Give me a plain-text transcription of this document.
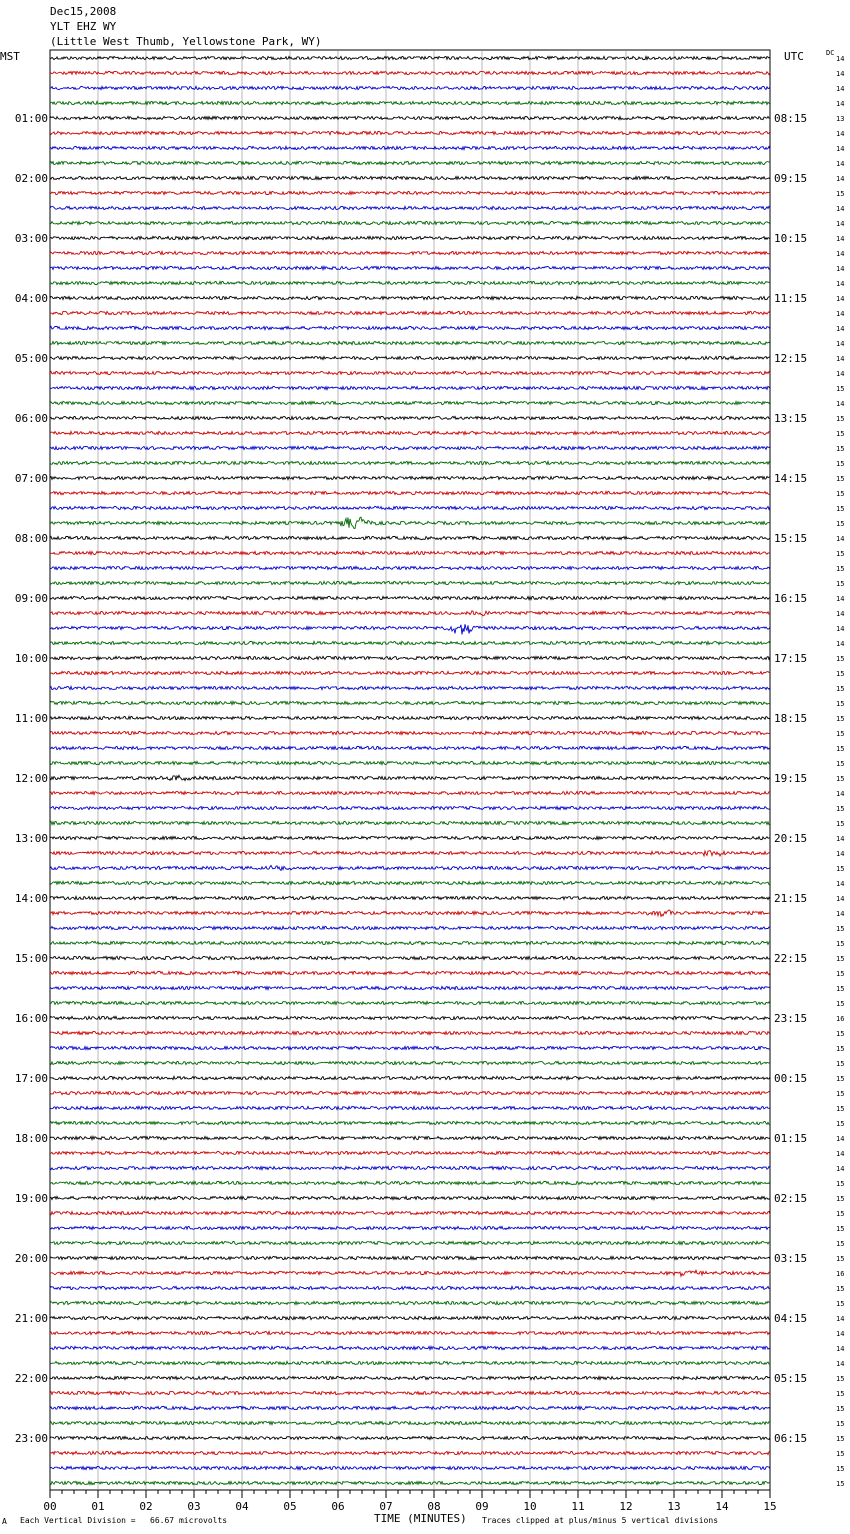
Dec15,2008
YLT EHZ WY
(Little West Thumb, Yellowstone Park, WY)
MST	UTC	DC
14
14
14
14
13
14
14
14
14
15
14
14
14
14
14
14
14
14
14
14
14
14
15
14
15
15
15
15
15
15
15
15
14
15
15
15
14
14
14
14
15
15
15
15
15
15
15
15
15
14
15
15
14
14
15
14
14
14
15
15
15
15
15
15
16
15
15
15
15
15
15
15
14
14
14
15
15
15
15
15
15
16
15
15
14
14
14
14
15
15
15
15
15
15
15
15
01:00
02:00
03:00
04:00
05:00
06:00
07:00
08:00
09:00
10:00
11:00
12:00
13:00
14:00
15:00
16:00
17:00
18:00
19:00
20:00
21:00
22:00
23:00
08:15
09:15
10:15
11:15
12:15
13:15
14:15
15:15
16:15
17:15
18:15
19:15
20:15
21:15
22:15
23:15
00:15
01:15
02:15
03:15
04:15
05:15
06:15
00	01	02	03	04	05	06	07	08	09	10	11	12	13	14	15
A Each Vertical Division =   66.67 microvolts	TIME (MINUTES) Traces clipped at plus/minus 5 vertical divisions
